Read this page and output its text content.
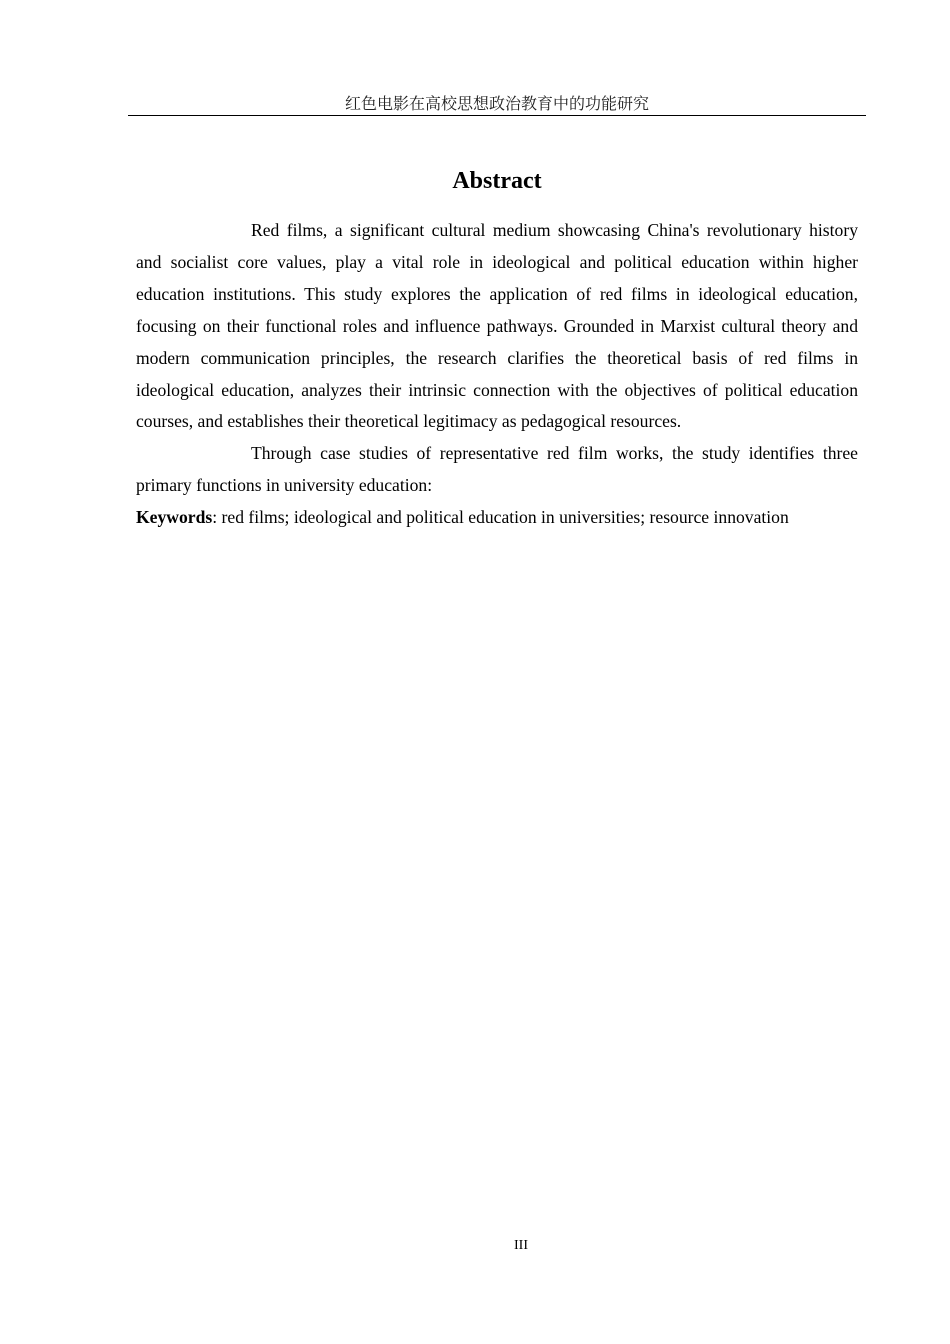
红色电影在高校思想政治教育中的功能研究
Abstract

Red films, a significant cultural medium showcasing China's revolutionary history and socialist core values, play a vital role in ideological and political education within higher education institutions. This study explores the application of red films in ideological education, focusing on their functional roles and influence pathways. Grounded in Marxist cultural theory and modern communication principles, the research clarifies the theoretical basis of red films in ideological education, analyzes their intrinsic connection with the objectives of political education courses, and establishes their theoretical legitimacy as pedagogical resources.

Through case studies of representative red film works, the study identifies three primary functions in university education:

Keywords: red films; ideological and political education in universities; resource innovation

III
